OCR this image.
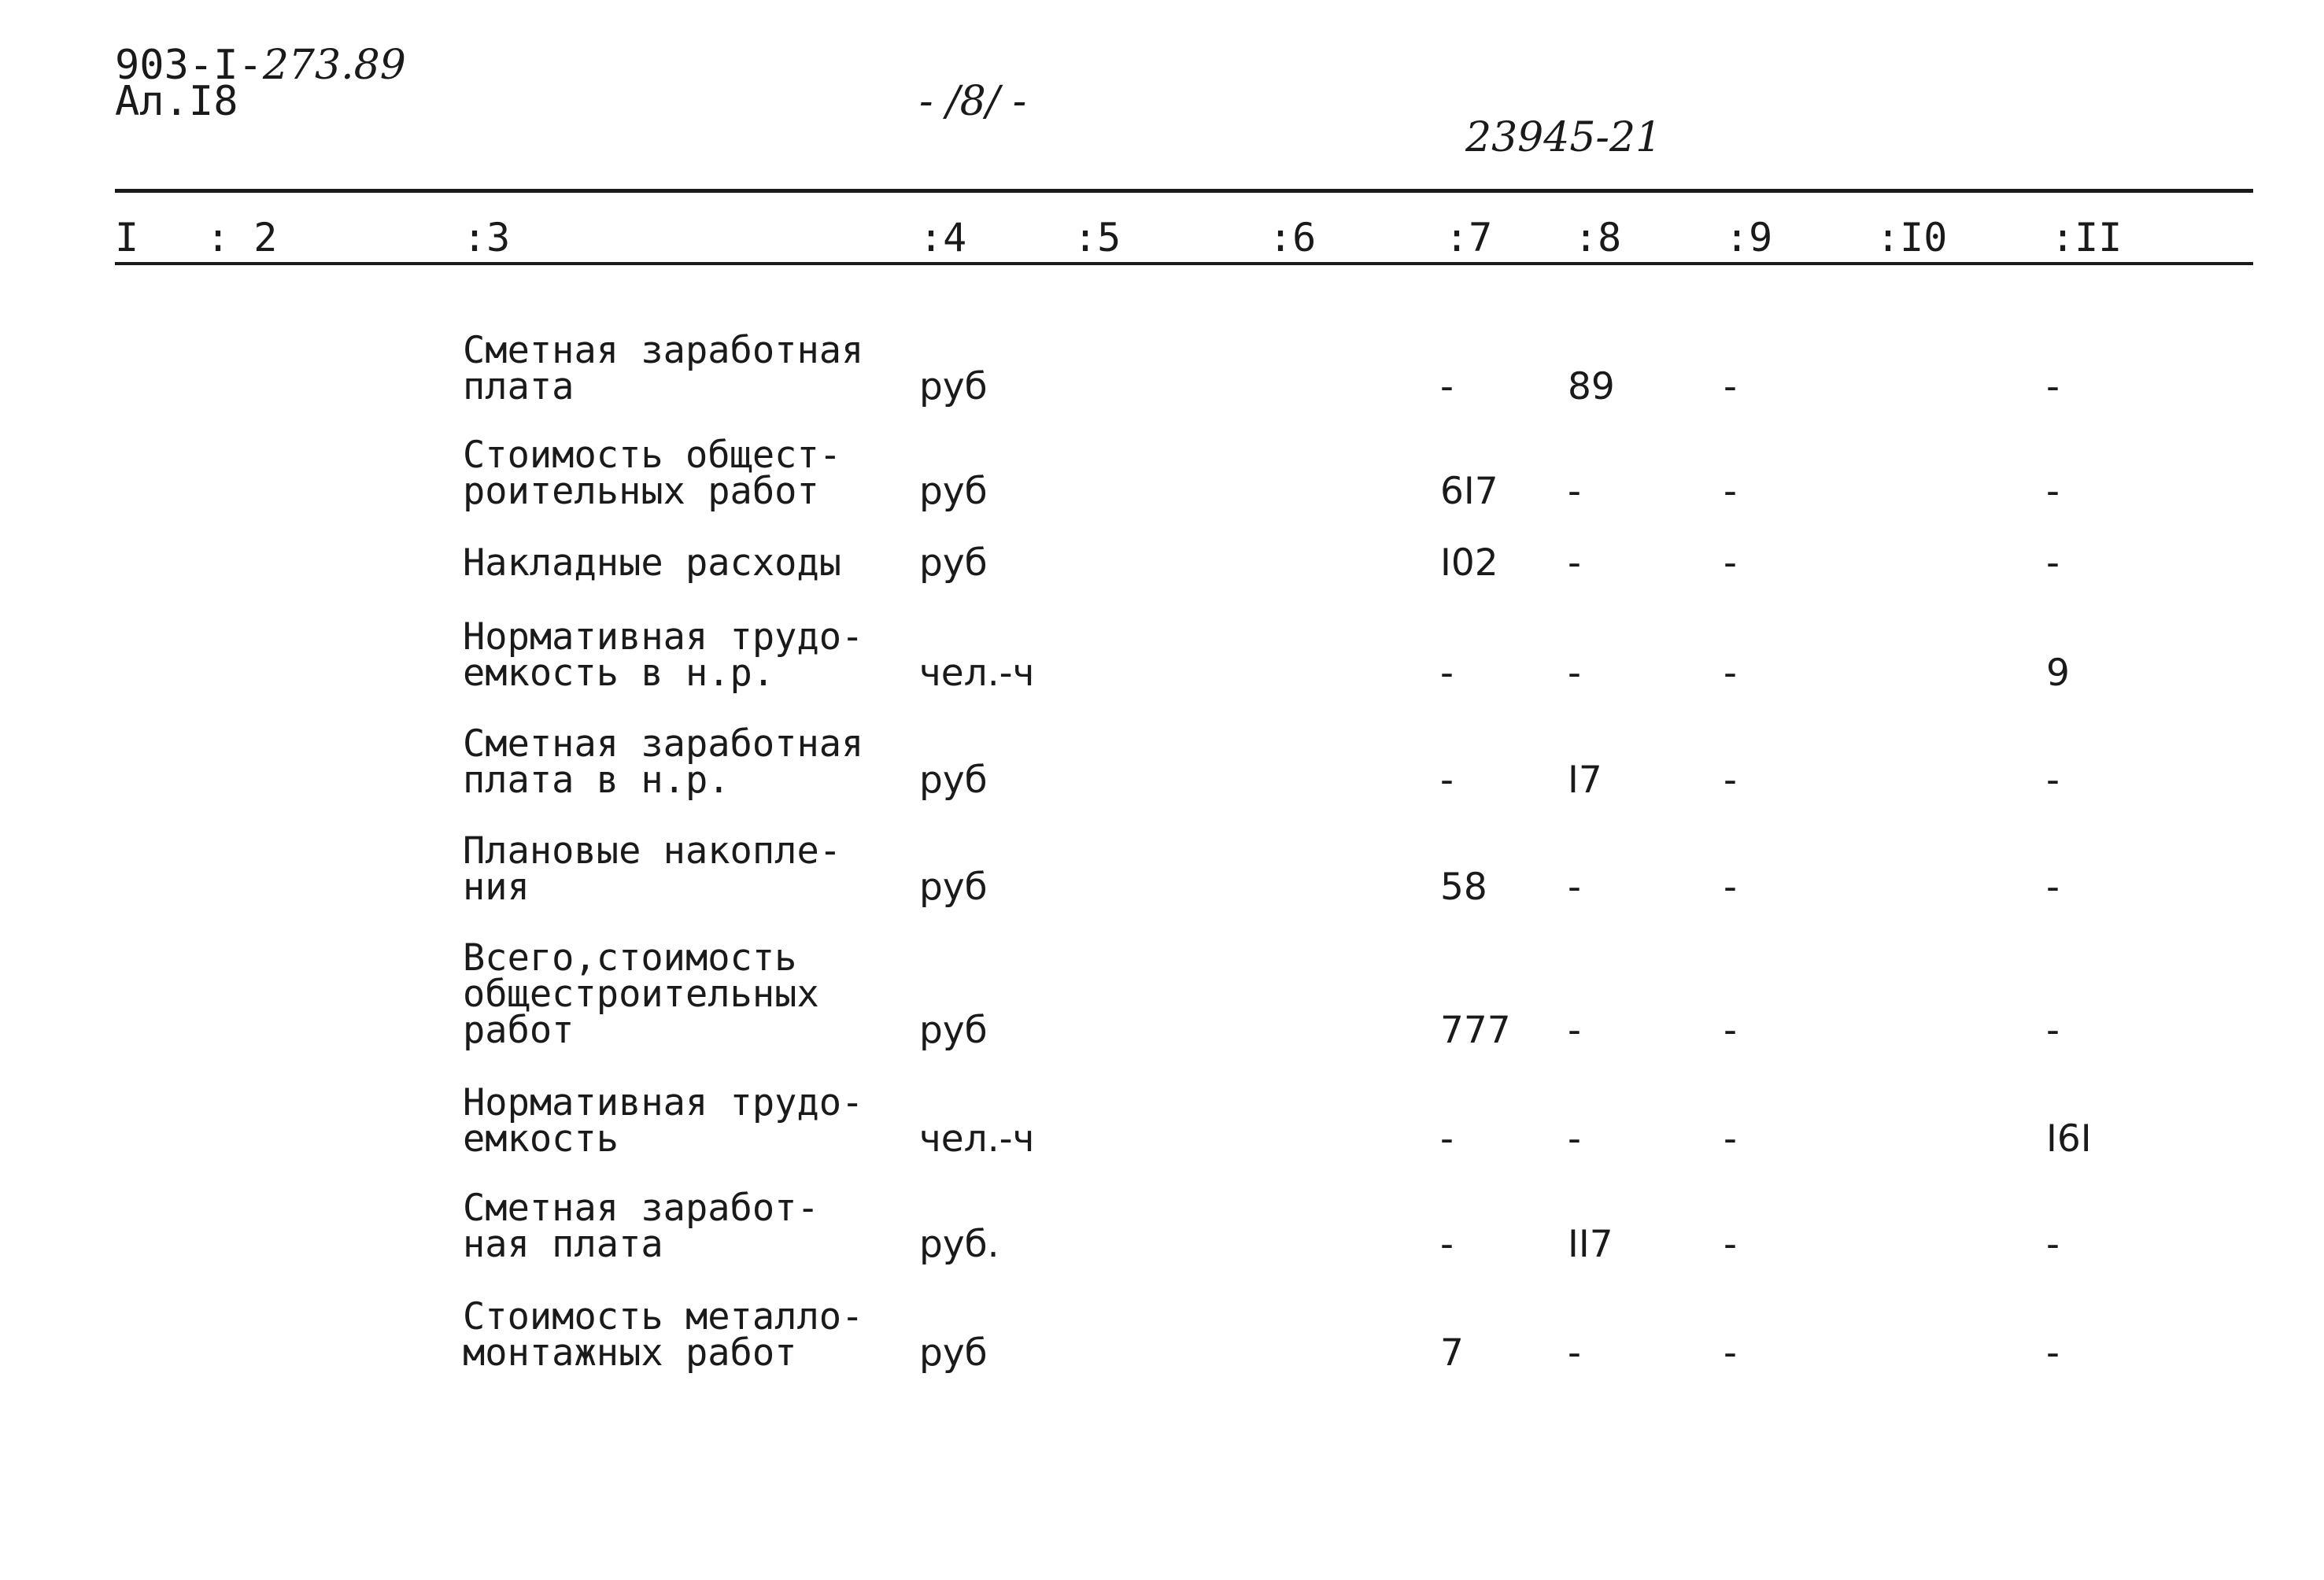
903-I-273.89
Ал.I8	- /8/ -
23945-21
I : 2	:3	:4	:5	:6	:7 :8	:9	:I0	:II
Сметная заработная
плата	руб	-	89	-	-
Стоимость общест-
роительных работ	руб	6I7 -	-	-
Накладные расходы руб	I02 -	-	-
Нормативная трудо-
емкость в н.р.	чел.-ч	-	-	-	9
Сметная заработная
плата в н.р.	руб	-	I7	-	-
Плановые накопле-
ния	руб	58 -	-	-
Всего,стоимость
общестроительных
работ	руб	777 -	-	-
Нормативная трудо-
емкость	чел.-ч	-	-	-	I6I
Сметная заработ-
ная плата	руб.	-	II7	-	-
Стоимость металло-
монтажных работ	руб	7	-	-	-
